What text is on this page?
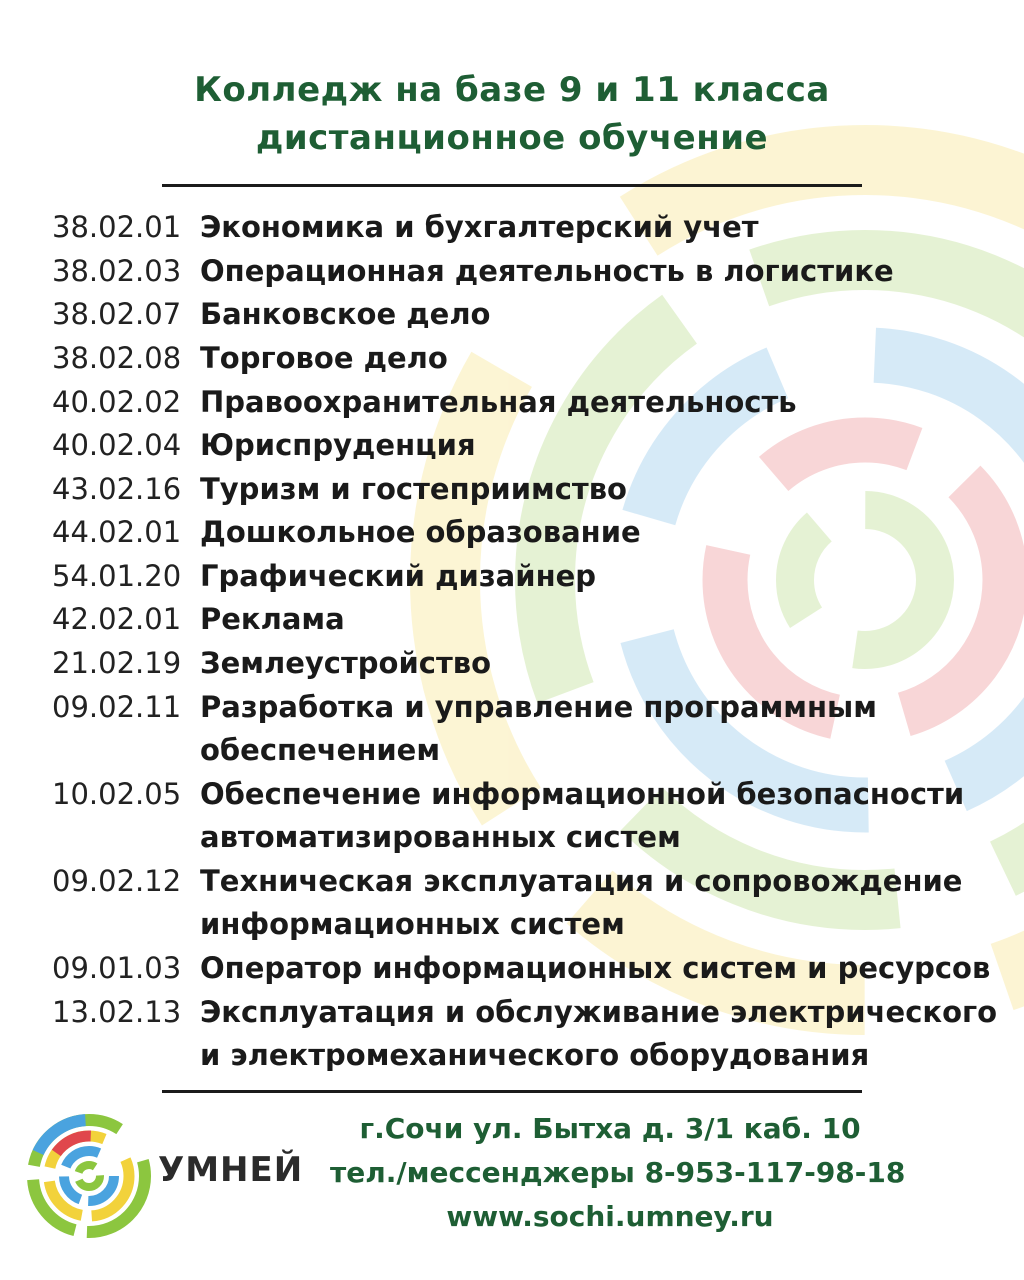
Колледж на базе 9 и 11 класса
дистанционное обучение
38.02.01 Экономика и бухгалтерский учет
38.02.03 Операционная деятельность в логистике
38.02.07 Банковское дело
38.02.08 Торговое дело
40.02.02 Правоохранительная деятельность
40.02.04 Юриспруденция
43.02.16 Туризм и гостеприимство
44.02.01 Дошкольное образование
54.01.20 Графический дизайнер
42.02.01 Реклама
21.02.19 Землеустройство
09.02.11 Разработка и управление программным
обеспечением
10.02.05 Обеспечение информационной безопасности
автоматизированных систем
09.02.12 Техническая эксплуатация и сопровождение
информационных систем
09.01.03 Оператор информационных систем и ресурсов
13.02.13 Эксплуатация и обслуживание электрического
и электромеханического оборудования
УМНЕЙ
г.Сочи ул. Бытха д. 3/1 каб. 10
тел./мессенджеры 8-953-117-98-18
www.sochi.umney.ru
